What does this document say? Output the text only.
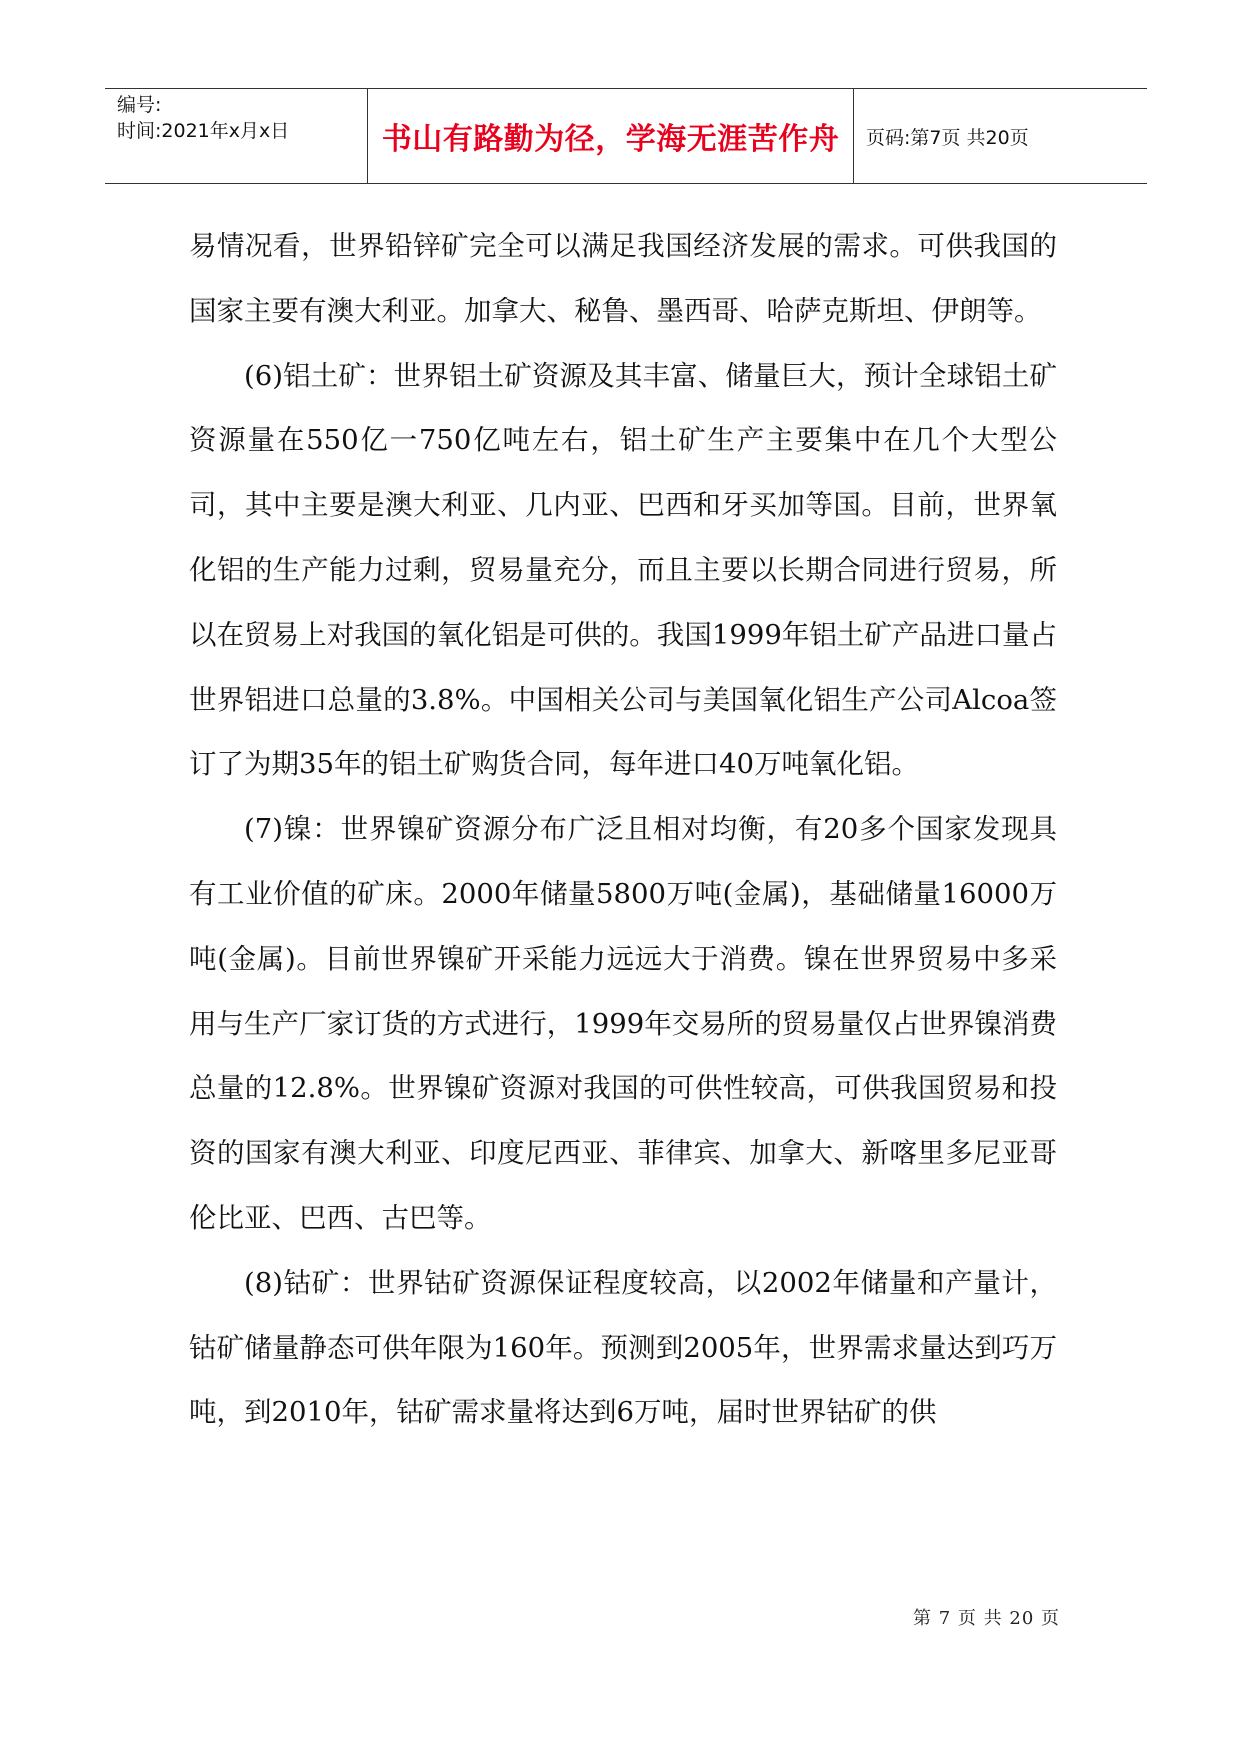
编号:
时间:2021年x月x日	书山有路勤为径，学海无涯苦作舟 页码:第7页 共20页

易情况看，世界铅锌矿完全可以满足我国经济发展的需求。可供我国的国家主要有澳大利亚。加拿大、秘鲁、墨西哥、哈萨克斯坦、伊朗等。

(6)铝土矿：世界铝土矿资源及其丰富、储量巨大，预计全球铝土矿资源量在550亿一750亿吨左右，铝土矿生产主要集中在几个大型公司，其中主要是澳大利亚、几内亚、巴西和牙买加等国。目前，世界氧化铝的生产能力过剩，贸易量充分，而且主要以长期合同进行贸易，所以在贸易上对我国的氧化铝是可供的。我国1999年铝土矿产品进口量占世界铝进口总量的3.8%。中国相关公司与美国氧化铝生产公司Alcoa签订了为期35年的铝土矿购货合同，每年进口40万吨氧化铝。

(7)镍：世界镍矿资源分布广泛且相对均衡，有20多个国家发现具有工业价值的矿床。2000年储量5800万吨(金属)，基础储量16000万吨(金属)。目前世界镍矿开采能力远远大于消费。镍在世界贸易中多采用与生产厂家订货的方式进行，1999年交易所的贸易量仅占世界镍消费总量的12.8%。世界镍矿资源对我国的可供性较高，可供我国贸易和投资的国家有澳大利亚、印度尼西亚、菲律宾、加拿大、新喀里多尼亚哥伦比亚、巴西、古巴等。

(8)钴矿：世界钴矿资源保证程度较高，以2002年储量和产量计，钴矿储量静态可供年限为160年。预测到2005年，世界需求量达到巧万吨，到2010年，钴矿需求量将达到6万吨，届时世界钴矿的供

第 7 页 共 20 页
